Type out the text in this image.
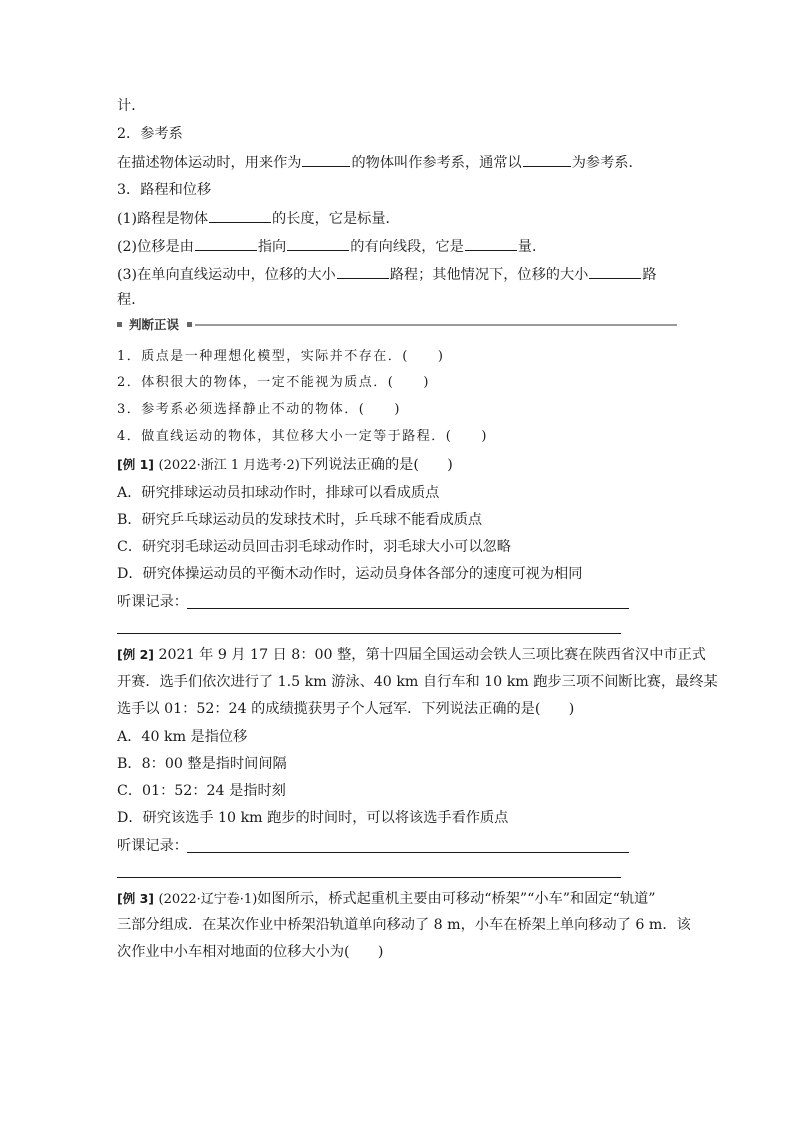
计．
2．参考系
在描述物体运动时，用来作为	的物体叫作参考系，通常以	为参考系．
3．路程和位移
(1)路程是物体	的长度，它是标量．
(2)位移是由	指向	的有向线段，它是	量．
(3)在单向直线运动中，位移的大小	路程；其他情况下，位移的大小	路
程．
判断正误
1．质点是一种理想化模型，实际并不存在．(　　)
2．体积很大的物体，一定不能视为质点．(　　)
3．参考系必须选择静止不动的物体．(　　)
4．做直线运动的物体，其位移大小一定等于路程．(　　)
[例 1] (2022·浙江 1 月选考·2)下列说法正确的是(　　)
A．研究排球运动员扣球动作时，排球可以看成质点
B．研究乒乓球运动员的发球技术时，乒乓球不能看成质点
C．研究羽毛球运动员回击羽毛球动作时，羽毛球大小可以忽略
D．研究体操运动员的平衡木动作时，运动员身体各部分的速度可视为相同
听课记录：
[例 2] 2021 年 9 月 17 日 8：00 整，第十四届全国运动会铁人三项比赛在陕西省汉中市正式
开赛．选手们依次进行了 1.5 km 游泳、40 km 自行车和 10 km 跑步三项不间断比赛，最终某
选手以 01：52：24 的成绩揽获男子个人冠军．下列说法正确的是(　　)
A．40 km 是指位移
B．8：00 整是指时间间隔
C．01：52：24 是指时刻
D．研究该选手 10 km 跑步的时间时，可以将该选手看作质点
听课记录：
[例 3] (2022·辽宁卷·1)如图所示，桥式起重机主要由可移动“桥架”“小车”和固定“轨道”
三部分组成．在某次作业中桥架沿轨道单向移动了 8 m，小车在桥架上单向移动了 6 m．该
次作业中小车相对地面的位移大小为(　　)
